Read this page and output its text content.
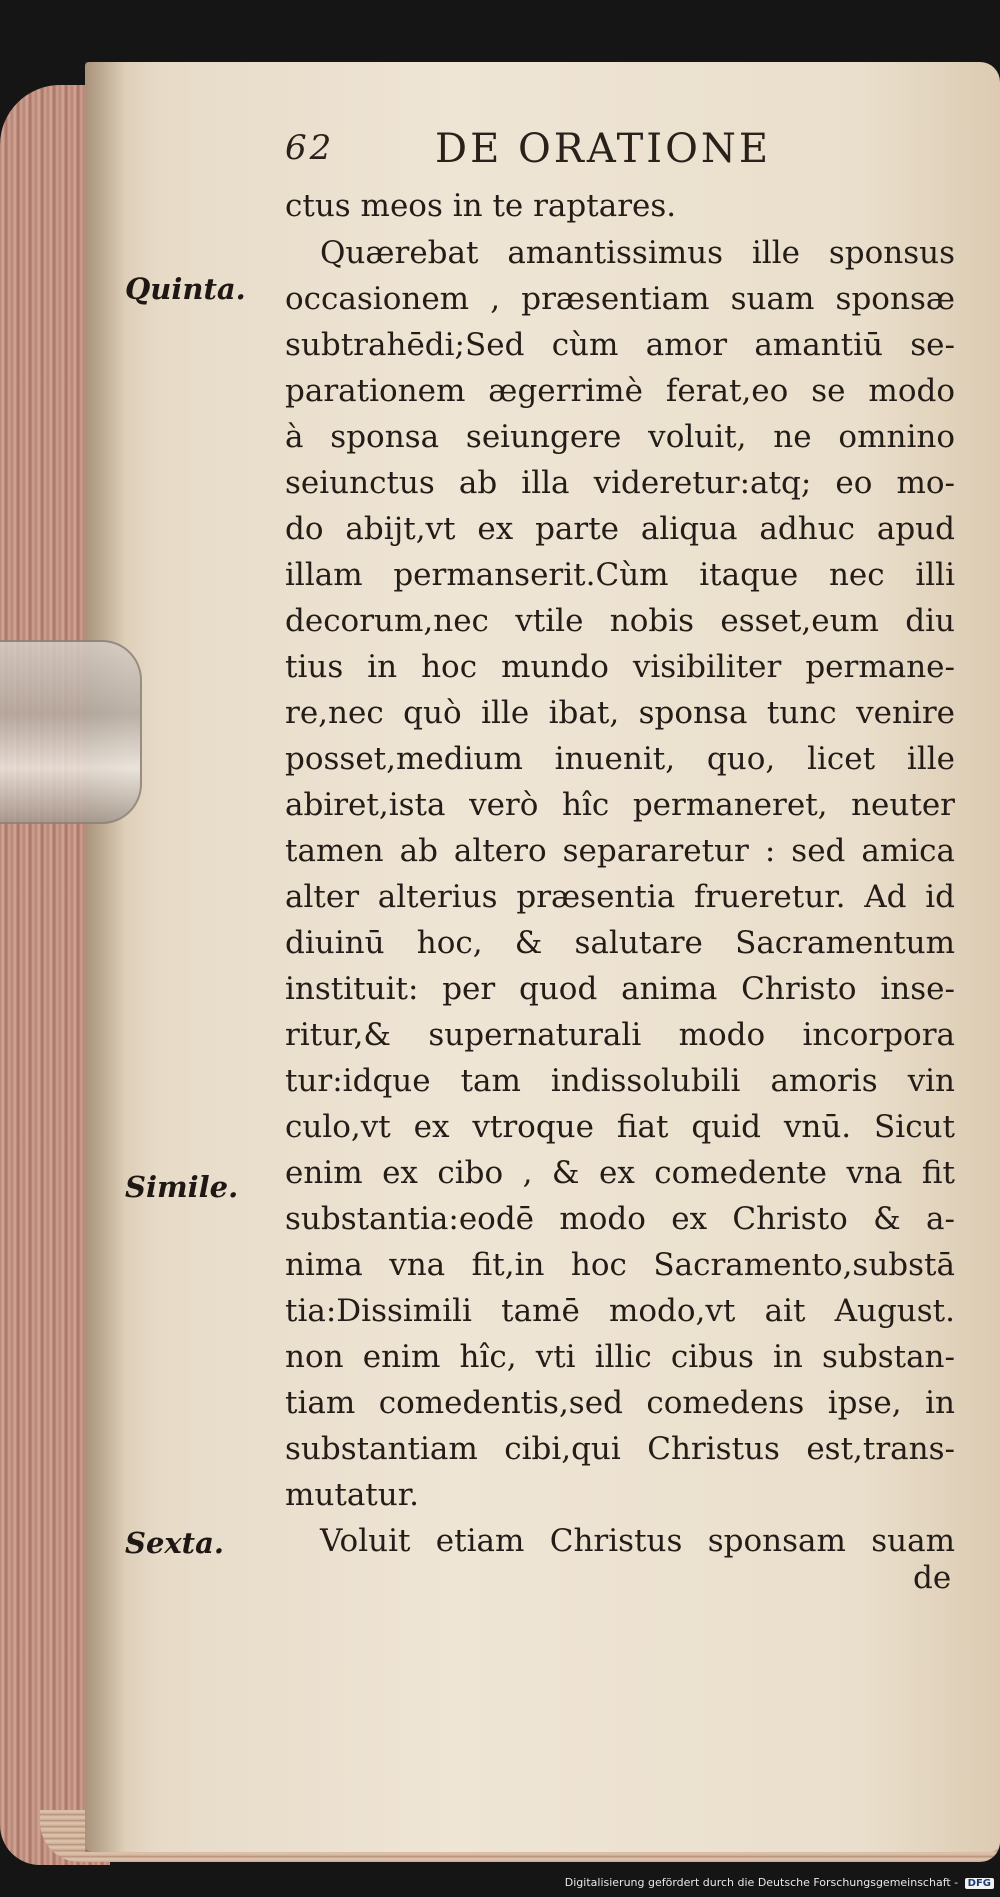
62	DE ORATIONE
Quinta.
Simile.
Sexta.
ctus meos in te raptares.
Quærebat amantissimus ille sponsus
occasionem , præsentiam suam sponsæ
subtrahēdi;Sed cùm amor amantiū se-
parationem ægerrimè ferat,eo se modo
à sponsa seiungere voluit, ne omnino
seiunctus ab illa videretur:atq; eo mo-
do abijt,vt ex parte aliqua adhuc apud
illam permanserit.Cùm itaque nec illi
decorum,nec vtile nobis esset,eum diu
tius in hoc mundo visibiliter permane-
re,nec quò ille ibat, sponsa tunc venire
posset,medium inuenit, quo, licet ille
abiret,ista verò hîc permaneret, neuter
tamen ab altero separaretur : sed amica
alter alterius præsentia frueretur. Ad id
diuinū hoc, & salutare Sacramentum
instituit: per quod anima Christo inse-
ritur,& supernaturali modo incorpora
tur:idque tam indissolubili amoris vin
culo,vt ex vtroque fiat quid vnū. Sicut
enim ex cibo , & ex comedente vna fit
substantia:eodē modo ex Christo & a-
nima vna fit,in hoc Sacramento,substā
tia:Dissimili tamē modo,vt ait August.
non enim hîc, vti illic cibus in substan-
tiam comedentis,sed comedens ipse, in
substantiam cibi,qui Christus est,trans-
mutatur.
Voluit etiam Christus sponsam suam
de
Digitalisierung gefördert durch die Deutsche Forschungsgemeinschaft - DFG
